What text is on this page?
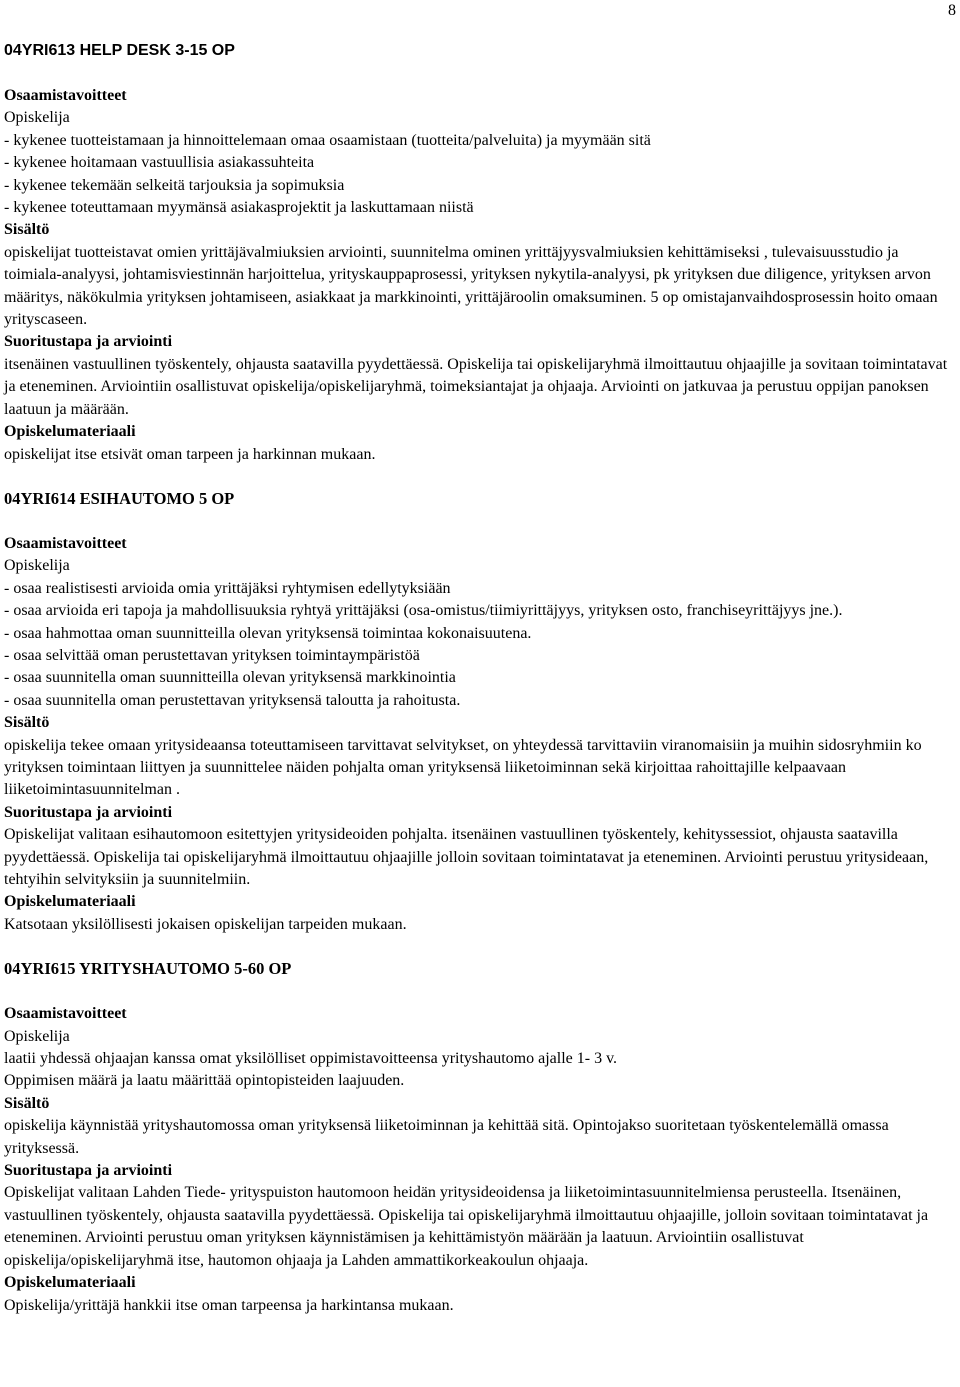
8
04YRI613 HELP DESK 3-15 OP
Osaamistavoitteet
Opiskelija
- kykenee tuotteistamaan ja hinnoittelemaan omaa osaamistaan (tuotteita/palveluita) ja myymään sitä
- kykenee hoitamaan vastuullisia asiakassuhteita
- kykenee tekemään selkeitä tarjouksia ja sopimuksia
- kykenee toteuttamaan myymänsä asiakasprojektit ja laskuttamaan niistä
Sisältö

opiskelijat tuotteistavat omien yrittäjävalmiuksien arviointi, suunnitelma ominen yrittäjyysvalmiuksien kehittämiseksi , tulevaisuusstudio ja toimiala-analyysi, johtamisviestinnän harjoittelua, yrityskauppaprosessi, yrityksen nykytila-analyysi, pk yrityksen due diligence, yrityksen arvon määritys, näkökulmia yrityksen johtamiseen, asiakkaat ja markkinointi, yrittäjäroolin omaksuminen. 5 op omistajanvaihdosprosessin hoito omaan yrityscaseen.

Suoritustapa ja arviointi

itsenäinen vastuullinen työskentely, ohjausta saatavilla pyydettäessä. Opiskelija tai opiskelijaryhmä ilmoittautuu ohjaajille ja sovitaan toimintatavat ja eteneminen. Arviointiin osallistuvat opiskelija/opiskelijaryhmä, toimeksiantajat ja ohjaaja. Arviointi on jatkuvaa ja perustuu oppijan panoksen laatuun ja määrään.

Opiskelumateriaali

opiskelijat itse etsivät oman tarpeen ja harkinnan mukaan.

04YRI614 ESIHAUTOMO 5 OP
Osaamistavoitteet
Opiskelija
- osaa realistisesti arvioida omia yrittäjäksi ryhtymisen edellytyksiään

- osaa arvioida eri tapoja ja mahdollisuuksia ryhtyä yrittäjäksi (osa-omistus/tiimiyrittäjyys, yrityksen osto, franchiseyrittäjyys jne.).

- osaa hahmottaa oman suunnitteilla olevan yrityksensä toimintaa kokonaisuutena.
- osaa selvittää oman perustettavan yrityksen toimintaympäristöä
- osaa suunnitella oman suunnitteilla olevan yrityksensä markkinointia
- osaa suunnitella oman perustettavan yrityksensä taloutta ja rahoitusta.
Sisältö

opiskelija tekee omaan yritysideaansa toteuttamiseen tarvittavat selvitykset, on yhteydessä tarvittaviin viranomaisiin ja muihin sidosryhmiin ko yrityksen toimintaan liittyen ja suunnittelee näiden pohjalta oman yrityksensä liiketoiminnan sekä kirjoittaa rahoittajille kelpaavaan liiketoimintasuunnitelman .

Suoritustapa ja arviointi

Opiskelijat valitaan esihautomoon esitettyjen yritysideoiden pohjalta. itsenäinen vastuullinen työskentely, kehityssessiot, ohjausta saatavilla pyydettäessä. Opiskelija tai opiskelijaryhmä ilmoittautuu ohjaajille jolloin sovitaan toimintatavat ja eteneminen. Arviointi perustuu yritysideaan, tehtyihin selvityksiin ja suunnitelmiin.

Opiskelumateriaali

Katsotaan yksilöllisesti jokaisen opiskelijan tarpeiden mukaan.

04YRI615 YRITYSHAUTOMO 5-60 OP
Osaamistavoitteet
Opiskelija
laatii yhdessä ohjaajan kanssa omat yksilölliset oppimistavoitteensa yrityshautomo ajalle 1- 3 v.
Oppimisen määrä ja laatu määrittää opintopisteiden laajuuden.
Sisältö

opiskelija käynnistää yrityshautomossa oman yrityksensä liiketoiminnan ja kehittää sitä. Opintojakso suoritetaan työskentelemällä omassa yrityksessä.

Suoritustapa ja arviointi

Opiskelijat valitaan Lahden Tiede- yrityspuiston hautomoon heidän yritysideoidensa ja liiketoimintasuunnitelmiensa perusteella. Itsenäinen, vastuullinen työskentely, ohjausta saatavilla pyydettäessä. Opiskelija tai opiskelijaryhmä ilmoittautuu ohjaajille, jolloin sovitaan toimintatavat ja eteneminen. Arviointi perustuu oman yrityksen käynnistämisen ja kehittämistyön määrään ja laatuun. Arviointiin osallistuvat opiskelija/opiskelijaryhmä itse, hautomon ohjaaja ja Lahden ammattikorkeakoulun ohjaaja.

Opiskelumateriaali

Opiskelija/yrittäjä hankkii itse oman tarpeensa ja harkintansa mukaan.
